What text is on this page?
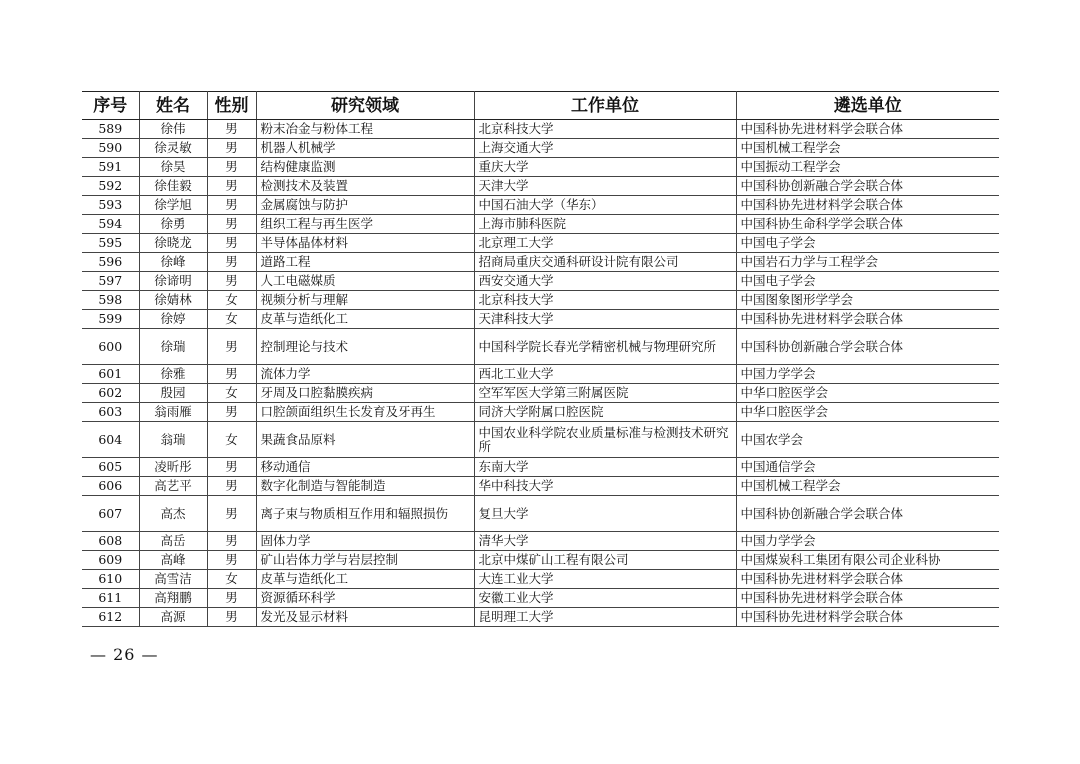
序号	姓名	性别	研究领域	工作单位	遴选单位
589	徐伟	男	粉末冶金与粉体工程	北京科技大学	中国科协先进材料学会联合体
590	徐灵敏	男	机器人机械学	上海交通大学	中国机械工程学会
591	徐昊	男	结构健康监测	重庆大学	中国振动工程学会
592	徐佳毅	男	检测技术及装置	天津大学	中国科协创新融合学会联合体
593	徐学旭	男	金属腐蚀与防护	中国石油大学（华东）	中国科协先进材料学会联合体
594	徐勇	男	组织工程与再生医学	上海市肺科医院	中国科协生命科学学会联合体
595	徐晓龙	男	半导体晶体材料	北京理工大学	中国电子学会
596	徐峰	男	道路工程	招商局重庆交通科研设计院有限公司	中国岩石力学与工程学会
597	徐谛明	男	人工电磁媒质	西安交通大学	中国电子学会
598	徐婧林	女	视频分析与理解	北京科技大学	中国图象图形学学会
599	徐婷	女	皮革与造纸化工	天津科技大学	中国科协先进材料学会联合体
600	徐瑞	男	控制理论与技术	中国科学院长春光学精密机械与物理研究所	中国科协创新融合学会联合体
601	徐雅	男	流体力学	西北工业大学	中国力学学会
602	殷园	女	牙周及口腔黏膜疾病	空军军医大学第三附属医院	中华口腔医学会
603	翁雨雁	男	口腔颌面组织生长发育及牙再生	同济大学附属口腔医院	中华口腔医学会
604	翁瑞	女	果蔬食品原料	中国农业科学院农业质量标准与检测技术研究所	中国农学会
605	凌昕彤	男	移动通信	东南大学	中国通信学会
606	高艺平	男	数字化制造与智能制造	华中科技大学	中国机械工程学会
607	高杰	男	离子束与物质相互作用和辐照损伤	复旦大学	中国科协创新融合学会联合体
608	高岳	男	固体力学	清华大学	中国力学学会
609	高峰	男	矿山岩体力学与岩层控制	北京中煤矿山工程有限公司	中国煤炭科工集团有限公司企业科协
610	高雪洁	女	皮革与造纸化工	大连工业大学	中国科协先进材料学会联合体
611	高翔鹏	男	资源循环科学	安徽工业大学	中国科协先进材料学会联合体
612	高源	男	发光及显示材料	昆明理工大学	中国科协先进材料学会联合体
— 26 —
